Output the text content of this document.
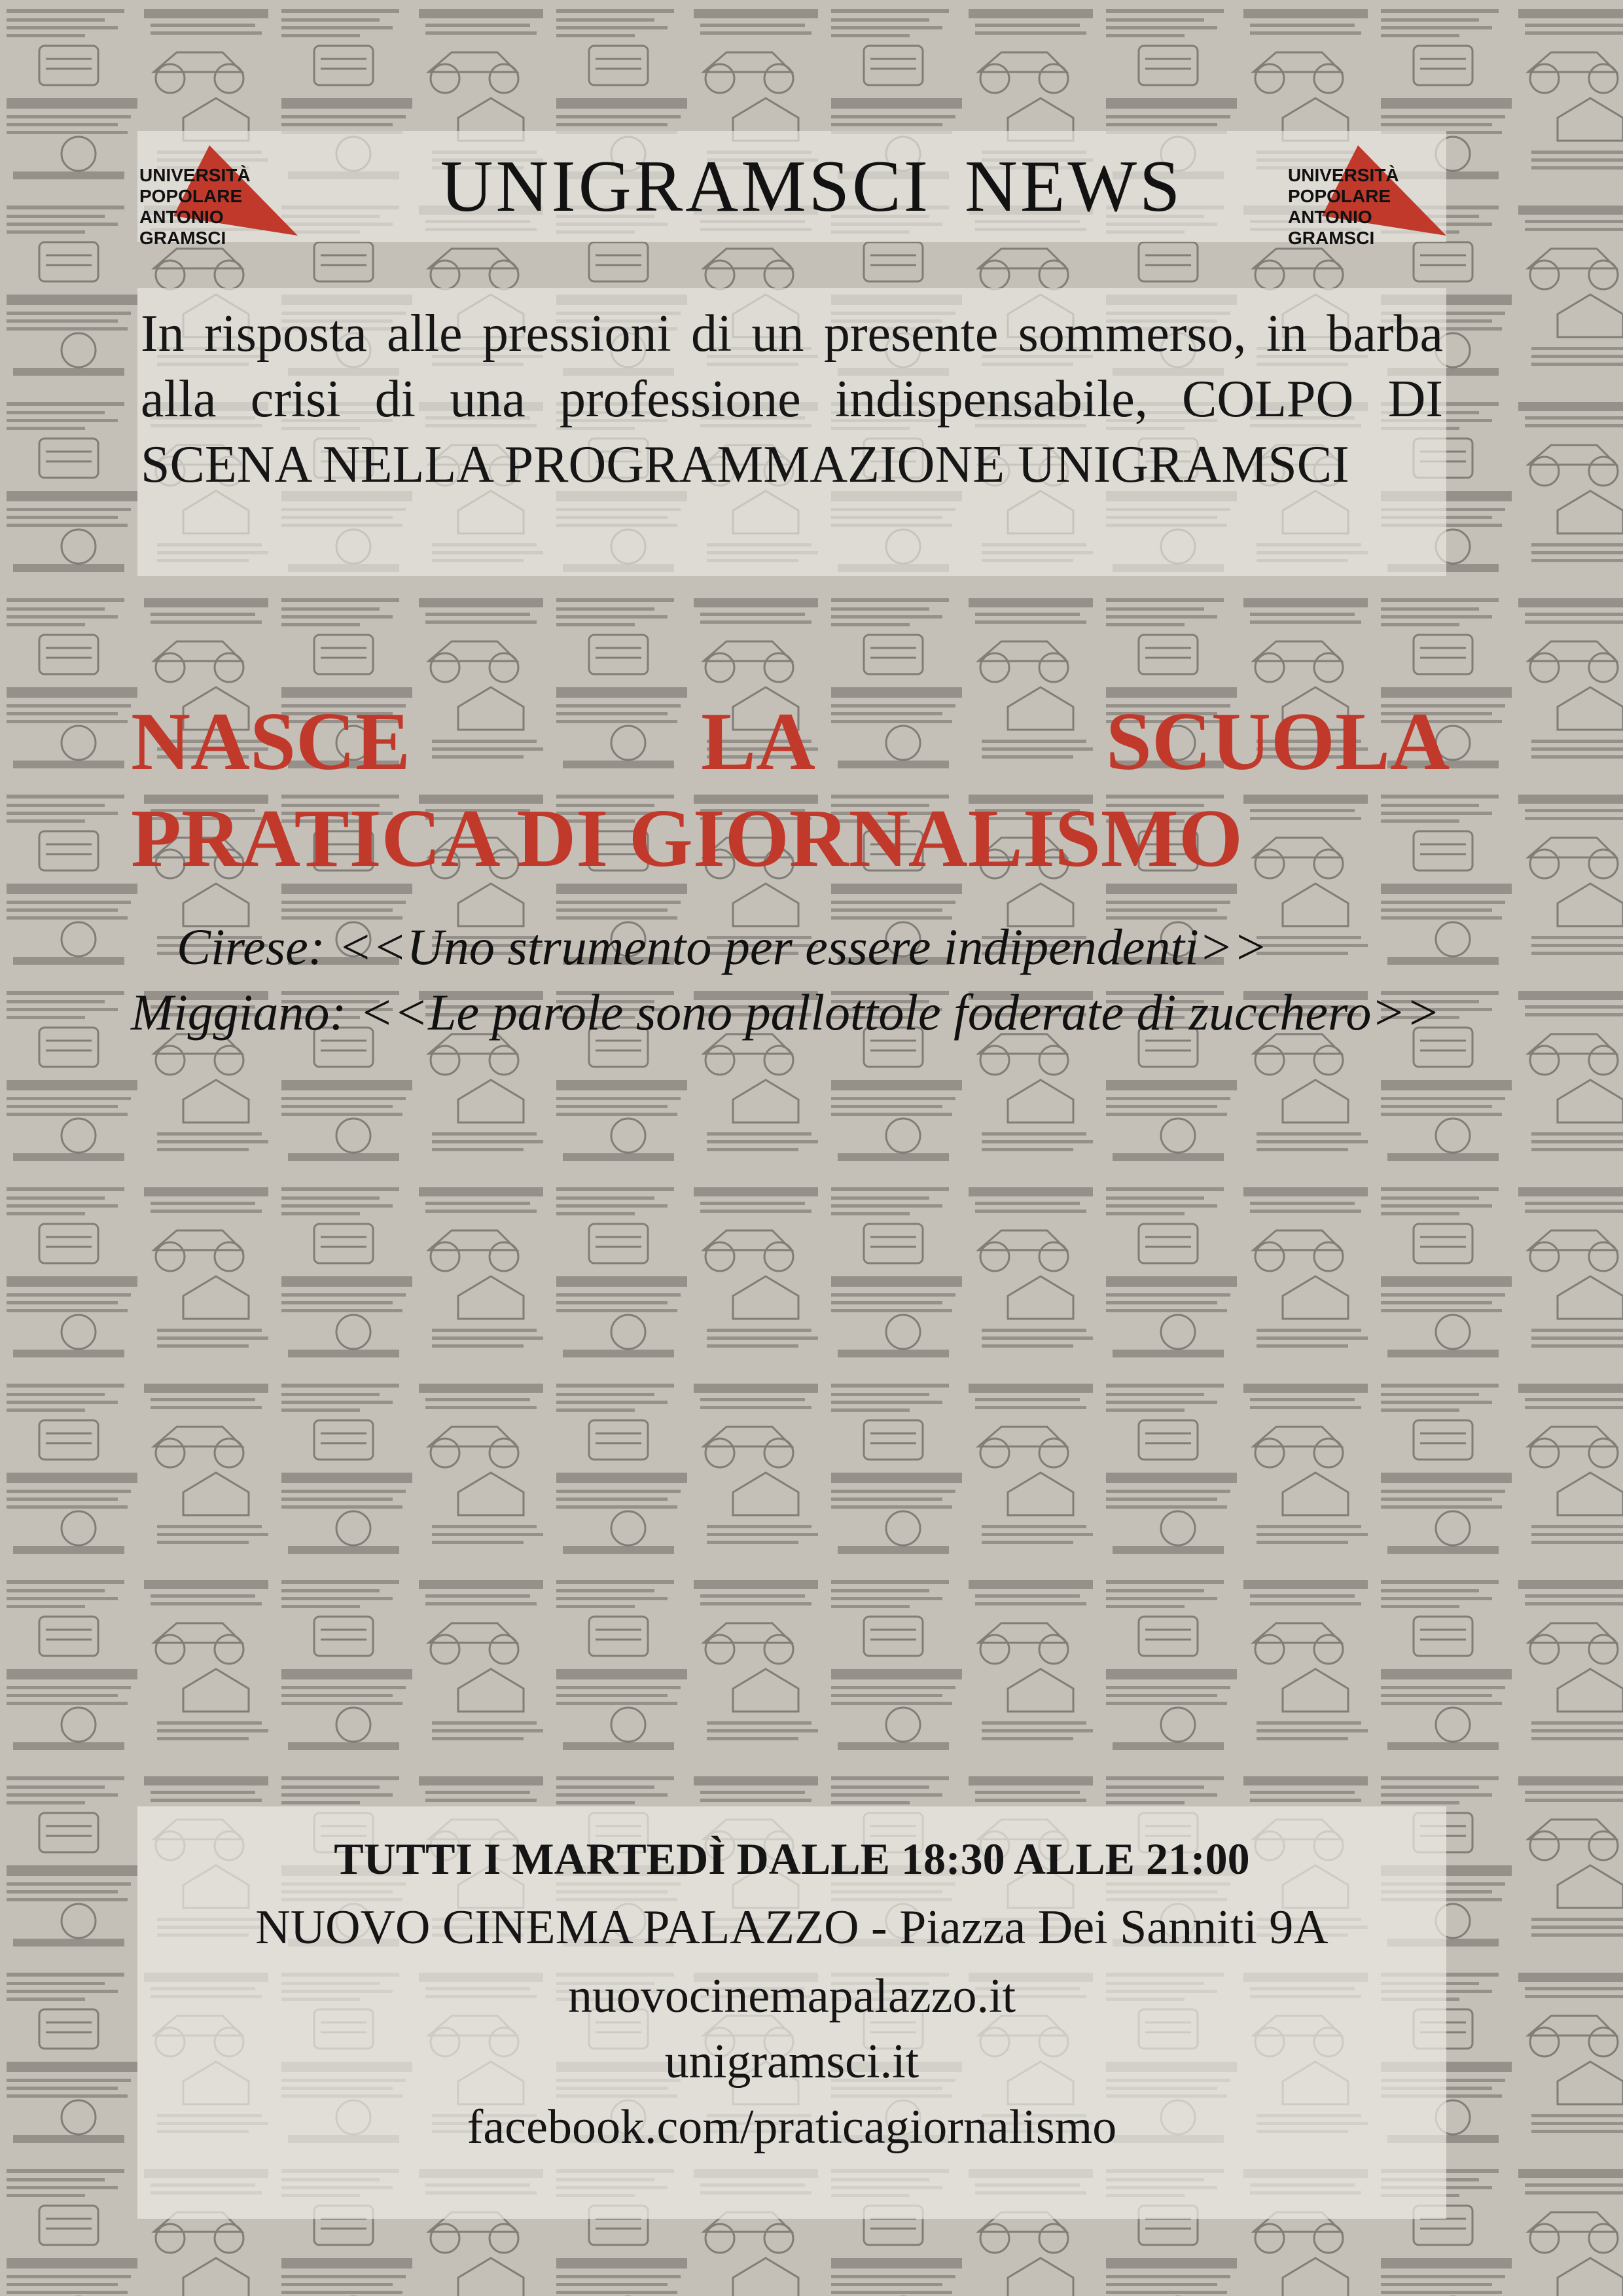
UNIVERSITÀ POPOLARE
ANTONIO GRAMSCI
UNIGRAMSCI NEWS	UNIVERSITÀ POPOLARE
ANTONIO GRAMSCI
In risposta alle pressioni di un presente sommerso, in barba alla crisi di una professione indispensabile, COLPO DI SCENA NELLA PROGRAMMAZIONE UNIGRAMSCI
NASCE	LA	SCUOLA
PRATICA DI GIORNALISMO
Cirese: <<Uno strumento per essere indipendenti>>
Miggiano: <<Le parole sono pallottole foderate di zucchero>>
TUTTI I MARTEDÌ DALLE 18:30 ALLE 21:00
NUOVO CINEMA PALAZZO - Piazza Dei Sanniti 9A
nuovocinemapalazzo.it
unigramsci.it
facebook.com/praticagiornalismo
